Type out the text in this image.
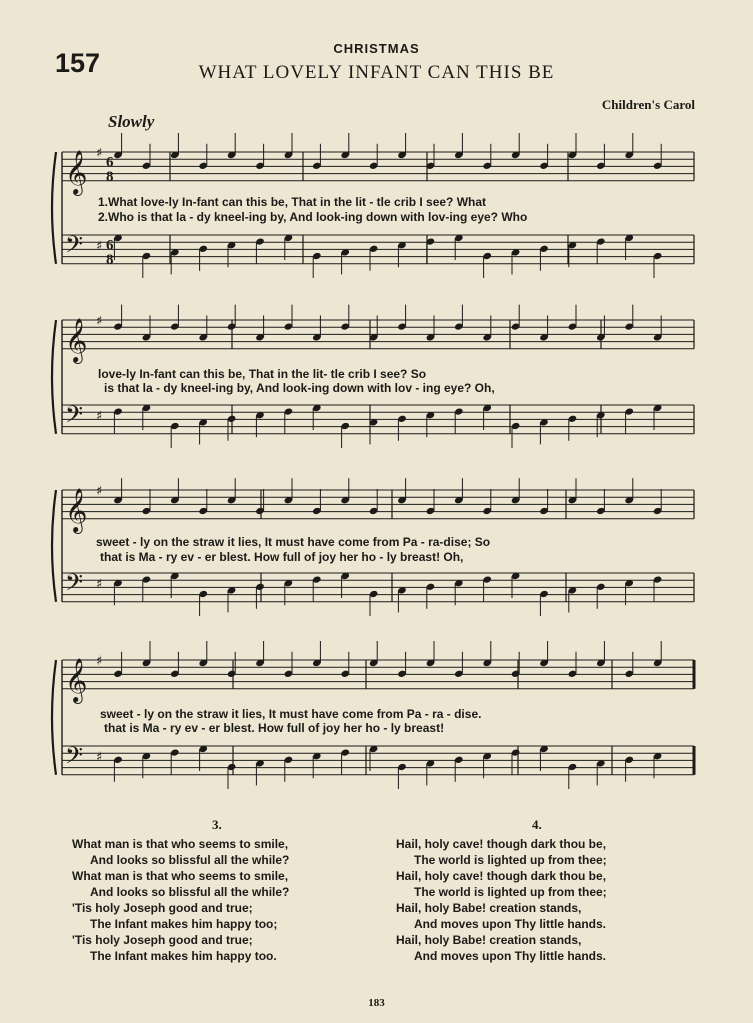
157	CHRISTMAS
WHAT LOVELY INFANT CAN THIS BE
Children's Carol
Slowly
𝄞
𝄢
♯
♯
𝄞
𝄢
♯
♯
𝄞
𝄢
♯
♯
𝄞
𝄢
♯
♯
6
8
6
8
1.What love-ly In-fant can this be, That in the lit - tle crib I see? What
2.Who is that la - dy kneel-ing by, And look-ing down with lov-ing eye? Who
love-ly In-fant can this be, That in the lit- tle crib I see? So
is that la - dy kneel-ing by, And look-ing down with lov - ing eye? Oh,
sweet - ly on the straw it lies, It must have come from Pa - ra-dise; So
that is Ma - ry ev - er blest. How full of joy her ho - ly breast! Oh,
sweet - ly on the straw it lies, It must have come from Pa - ra - dise.
that is Ma - ry ev - er blest. How full of joy her ho - ly breast!
3.
What man is that who seems to smile,
And looks so blissful all the while?
What man is that who seems to smile,
And looks so blissful all the while?
'Tis holy Joseph good and true;
The Infant makes him happy too;
'Tis holy Joseph good and true;
The Infant makes him happy too.
4.
Hail, holy cave! though dark thou be,
The world is lighted up from thee;
Hail, holy cave! though dark thou be,
The world is lighted up from thee;
Hail, holy Babe! creation stands,
And moves upon Thy little hands.
Hail, holy Babe! creation stands,
And moves upon Thy little hands.
183
